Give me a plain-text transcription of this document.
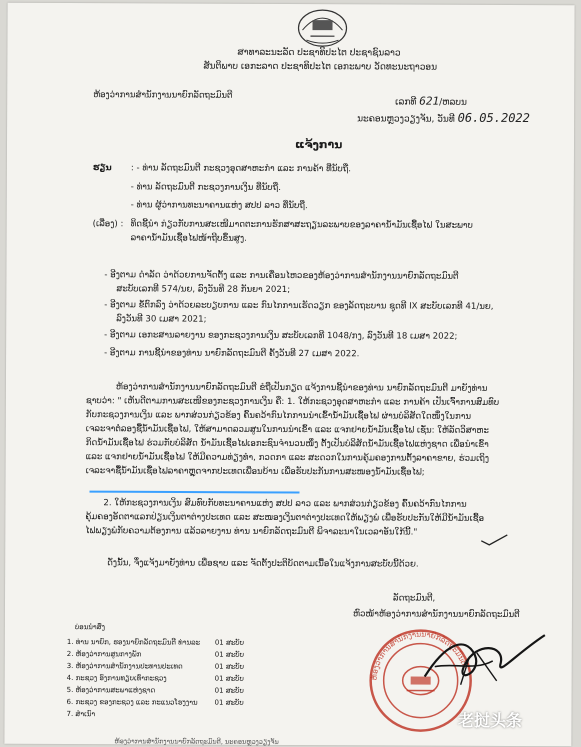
ສາທາລະນະລັດ ປະຊາທິປະໄຕ ປະຊາຊົນລາວ
ສັນຕິພາບ ເອກະລາດ ປະຊາທິປະໄຕ ເອກະພາບ ວັດທະນະຖາວອນ
ຫ້ອງວ່າການສຳນັກງານນາຍົກລັດຖະມົນຕີ
ເລກທີ 621/ຫລບນ
ນະຄອນຫຼວງວຽງຈັນ, ວັນທີ 06.05.2022
ແຈ້ງການ
ຮຽນ : - ທ່ານ ລັດຖະມົນຕີ ກະຊວງອຸດສາຫະກຳ ແລະ ການຄ້າ ທີ່ນັບຖື.
- ທ່ານ ລັດຖະມົນຕີ ກະຊວງການເງິນ ທີ່ນັບຖື.
- ທ່ານ ຜູ້ວ່າການທະນາຄານແຫ່ງ ສປປ ລາວ ທີ່ນັບຖື.
(ເລື່ອງ) : ທິດຊີ້ນຳ ກ່ຽວກັບການສະເໜີມາດຕະການຮັກສາສະຖຽນລະພາບຂອງລາຄານ້ຳມັນເຊື້ອໄຟ ໃນສະພາບ
ລາຄານ້ຳມັນເຊື້ອໄຟໜ້າຖີບຂຶ້ນສູງ.
- ອີງຕາມ ດຳລັດ ວ່າດ້ວຍການຈັດຕັ້ງ ແລະ ການເຄື່ອນໄຫວຂອງຫ້ອງວ່າການສຳນັກງານນາຍົກລັດຖະມົນຕີ
ສະບັບເລກທີ 574/ນຍ, ລົງວັນທີ 28 ກັນຍາ 2021;
- ອີງຕາມ ຂໍ້ຕົກລົງ ວ່າດ້ວຍລະບຽບການ ແລະ ກົນໄກການເຮັດວຽກ ຂອງລັດຖະບານ ຊຸດທີ IX ສະບັບເລກທີ 41/ນຍ,
ລົງວັນທີ 30 ເມສາ 2021;
- ອີງຕາມ ເອກະສານລາຍງານ ຂອງກະຊວງການເງິນ ສະບັບເລກທີ 1048/ກງ, ລົງວັນທີ 18 ເມສາ 2022;
- ອີງຕາມ ການຊີ້ນຳຂອງທ່ານ ນາຍົກລັດຖະມົນຕີ ຄັ້ງວັນທີ 27 ເມສາ 2022.
ຫ້ອງວ່າການສຳນັກງານນາຍົກລັດຖະມົນຕີ ຂໍຖືເປັນກຽດ ແຈ້ງການຊີ້ນຳຂອງທ່ານ ນາຍົກລັດຖະມົນຕີ ມາຍັງທ່ານ
ຊາບວ່າ: " ເຫັນດີຕາມການສະເໜີຂອງກະຊວງການເງິນ ຄື: 1. ໃຫ້ກະຊວງອຸດສາຫະກຳ ແລະ ການຄ້າ ເປັນເຈົ້າການສົມທົບ
ກັບກະຊວງການເງິນ ແລະ ພາກສ່ວນກ່ຽວຂ້ອງ ຄົ້ນຄວ້າກົນໄກການນຳເຂົ້ານ້ຳມັນເຊື້ອໄຟ ຜ່ານບໍລິສັດໃດໜຶ່ງໃນການ
ເຈລະຈາຕໍ່ລອງຊື້ນ້ຳມັນເຊື້ອໄຟ, ໃຫ້ສາມາດລວມສູນໃນການນຳເຂົ້າ ແລະ ແຈກຢາຍນ້ຳມັນເຊື້ອໄຟ ເຊັ່ນ: ໃຫ້ລັດວິສາຫະ
ກິດນ້ຳມັນເຊື້ອໄຟ ຮ່ວມກັບບໍລິສັດ ນ້ຳມັນເຊື້ອໄຟເອກະຊົນຈຳນວນໜຶ່ງ ຕັ້ງເປັນບໍລິສັດນ້ຳມັນເຊື້ອໄຟແຫ່ງຊາດ ເພື່ອນຳເຂົ້າ
ແລະ ແຈກຢາຍນ້ຳມັນເຊື້ອໄຟ ໃຫ້ມີຄວາມທ່ຽງທຳ, ກວດກາ ແລະ ສະດວກໃນການຄຸ້ມຄອງການຕັ້ງລາຄາຂາຍ, ຮ່ວມເຖິງ
ເຈລະຈາຊື້ນ້ຳມັນເຊື້ອໄຟລາຄາຫຼຸດຈາກປະເທດເພື່ອນບ້ານ ເພື່ອຮັບປະກັນການສະໜອງນ້ຳມັນເຊື້ອໄຟ;
2. ໃຫ້ກະຊວງການເງິນ ສົມທົບກັບທະນາຄານແຫ່ງ ສປປ ລາວ ແລະ ພາກສ່ວນກ່ຽວຂ້ອງ ຄົ້ນຄວ້າກົນໄກການ
ຄຸ້ມຄອງອັດຕາແລກປ່ຽນເງິນຕາຕ່າງປະເທດ ແລະ ສະໜອງເງິນຕາຕ່າງປະເທດໃຫ້ພຽງພໍ ເພື່ອຮັບປະກັນໃຫ້ມີນ້ຳມັນເຊື້ອ
ໄຟພຽງພໍກັບຄວາມຕ້ອງການ ແລ້ວລາຍງານ ທ່ານ ນາຍົກລັດຖະມົນຕີ ພິຈາລະນາໃນເວລາອັນໃກ້ນີ້."
ດັ່ງນັ້ນ, ຈຶ່ງແຈ້ງມາຍັງທ່ານ ເພື່ອຊາບ ແລະ ຈັດຕັ້ງປະຕິບັດຕາມເນື້ອໃນແຈ້ງການສະບັບນີ້ດ້ວຍ.
ລັດຖະມົນຕີ,
ຫົວໜ້າຫ້ອງວ່າການສຳນັກງານນາຍົກລັດຖະມົນຕີ
ບ່ອນນຳສົ່ງ
1. ທ່ານ ນາຍົກ, ຮອງນາຍົກລັດຖະມົນຕີ ທ່ານລະ 01 ສະບັບ
2. ຫ້ອງວ່າການສູນກາງພັກ	01 ສະບັບ
3. ຫ້ອງວ່າການສຳນັກງານປະທານປະເທດ	01 ສະບັບ
4. ກະຊວງ ອົງການທຽບເທົ່າກະຊວງ	01 ສະບັບ
5. ຫ້ອງວ່າການສະພາແຫ່ງຊາດ	01 ສະບັບ
6. ກະຊວງ ຂອງກະຊວງ ແລະ ກະແນວໂຮງງານ 01 ສະບັບ
7. ສຳເນົາ
ຫ້ອງວ່າການສຳນັກງານນາຍົກລັດຖະມົນຕີ
ຫ້ອງວ່າການສຳນັກງານນາຍົກລັດຖະມົນຕີ, ນະຄອນຫຼວງວຽງຈັນ
老挝头条
